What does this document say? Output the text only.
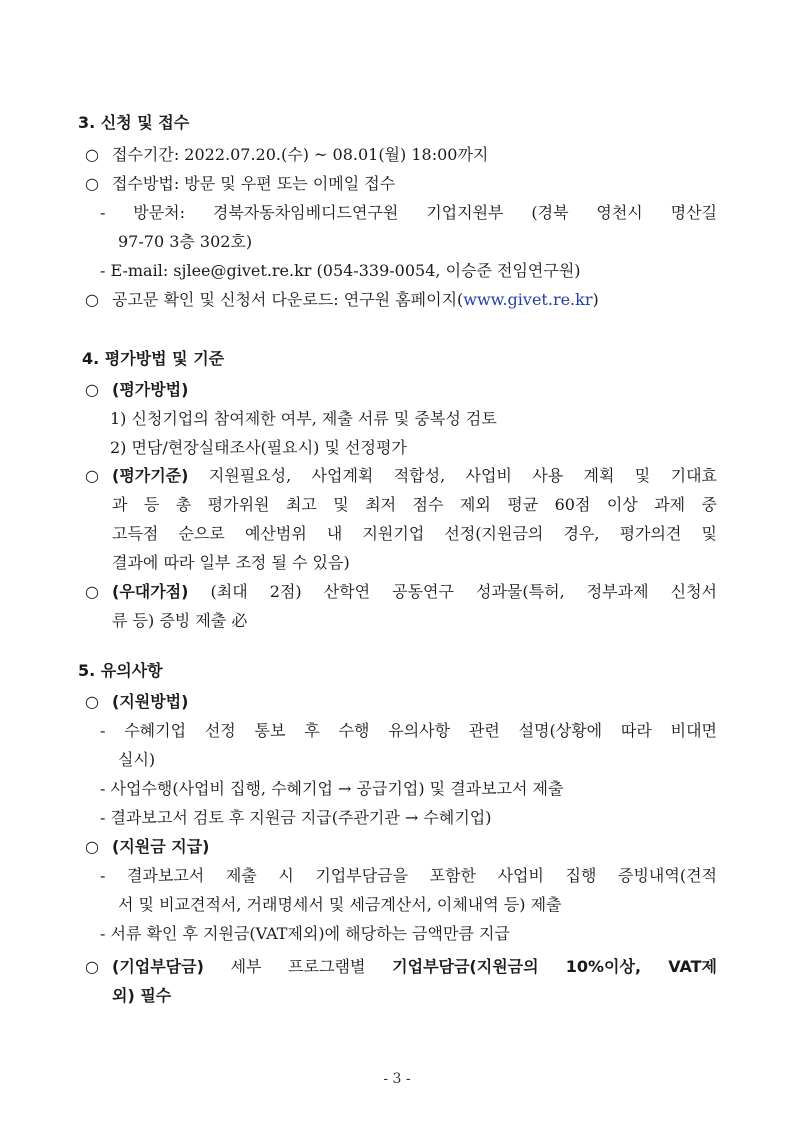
3. 신청 및 접수
○ 접수기간: 2022.07.20.(수) ~ 08.01(월) 18:00까지
○ 접수방법: 방문 및 우편 또는 이메일 접수
- 방문처: 경북자동차임베디드연구원 기업지원부 (경북 영천시 명산길
97-70 3층 302호)
- E-mail: sjlee@givet.re.kr (054-339-0054, 이승준 전임연구원)
○ 공고문 확인 및 신청서 다운로드: 연구원 홈페이지(www.givet.re.kr)
4. 평가방법 및 기준
○ (평가방법)
1) 신청기업의 참여제한 여부, 제출 서류 및 중복성 검토
2) 면담/현장실태조사(필요시) 및 선정평가
○ (평가기준) 지원필요성, 사업계획 적합성, 사업비 사용 계획 및 기대효
과 등 총 평가위원 최고 및 최저 점수 제외 평균 60점 이상 과제 중
고득점 순으로 예산범위 내 지원기업 선정(지원금의 경우, 평가의견 및
결과에 따라 일부 조정 될 수 있음)
○ (우대가점) (최대 2점) 산학연 공동연구 성과물(특허, 정부과제 신청서
류 등) 증빙 제출 必
5. 유의사항
○ (지원방법)
- 수혜기업 선정 통보 후 수행 유의사항 관련 설명(상황에 따라 비대면
실시)
- 사업수행(사업비 집행, 수혜기업 → 공급기업) 및 결과보고서 제출
- 결과보고서 검토 후 지원금 지급(주관기관 → 수혜기업)
○ (지원금 지급)
- 결과보고서 제출 시 기업부담금을 포함한 사업비 집행 증빙내역(견적
서 및 비교견적서, 거래명세서 및 세금계산서, 이체내역 등) 제출
- 서류 확인 후 지원금(VAT제외)에 해당하는 금액만큼 지급
○ (기업부담금) 세부 프로그램별 기업부담금(지원금의 10%이상, VAT제
외) 필수
- 3 -
